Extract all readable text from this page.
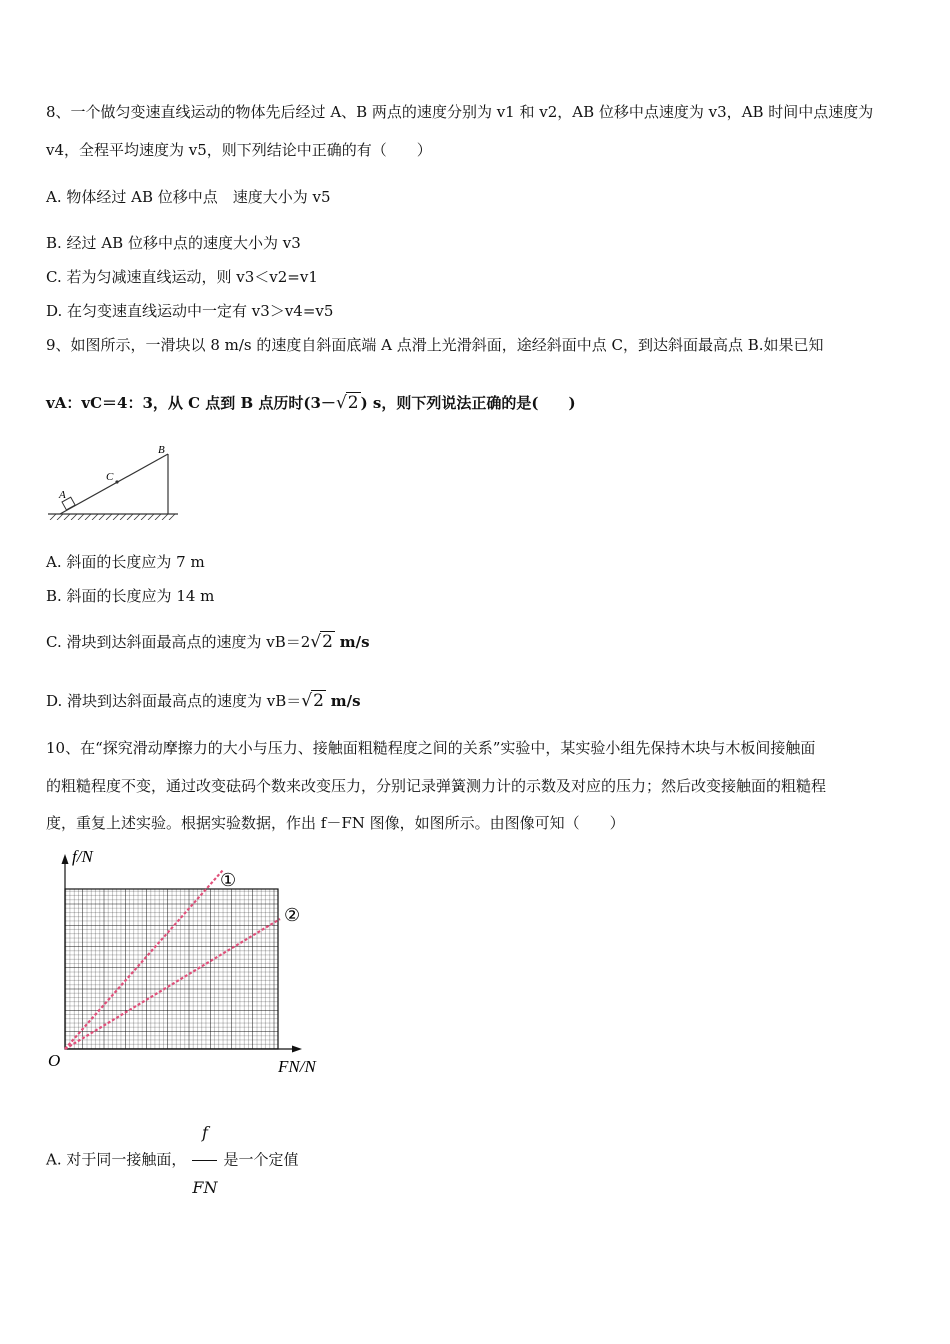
8、一个做匀变速直线运动的物体先后经过 A、B 两点的速度分别为 v1 和 v2，AB 位移中点速度为 v3，AB 时间中点速度为
v4，全程平均速度为 v5，则下列结论中正确的有（　　）
A. 物体经过 AB 位移中点　速度大小为 v5
B. 经过 AB 位移中点的速度大小为 v3
C. 若为匀减速直线运动，则 v3＜v2=v1
D. 在匀变速直线运动中一定有 v3＞v4=v5
9、如图所示，一滑块以 8 m/s 的速度自斜面底端 A 点滑上光滑斜面，途经斜面中点 C，到达斜面最高点 B.如果已知
vA：vC＝4：3，从 C 点到 B 点历时(3－√2 ) s，则下列说法正确的是(　　)
A
C
B
A. 斜面的长度应为 7 m
B. 斜面的长度应为 14 m
C. 滑块到达斜面最高点的速度为 vB＝2√2 m/s
D. 滑块到达斜面最高点的速度为 vB＝√2 m/s
10、在“探究滑动摩擦力的大小与压力、接触面粗糙程度之间的关系”实验中，某实验小组先保持木块与木板间接触面
的粗糙程度不变，通过改变砝码个数来改变压力，分别记录弹簧测力计的示数及对应的压力；然后改变接触面的粗糙程
度，重复上述实验。根据实验数据，作出 f－FN 图像，如图所示。由图像可知（　　）
f/N
FN/N
O
①
②
A. 对于同一接触面， $\frac{f}{FN}$ 是一个定值
